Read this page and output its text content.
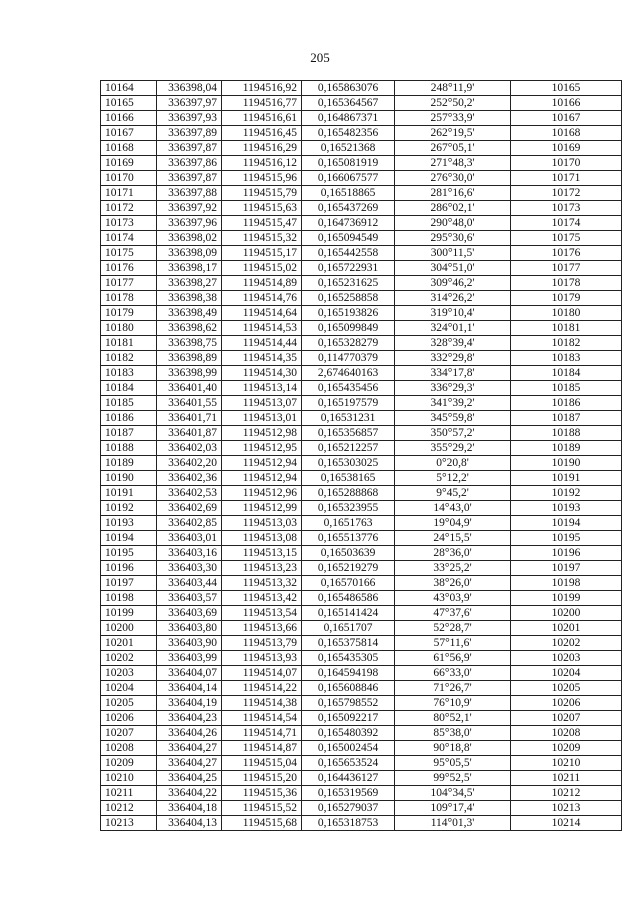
205
10164	336398,04	1194516,92	0,165863076	248°11,9'	10165
10165	336397,97	1194516,77	0,165364567	252°50,2'	10166
10166	336397,93	1194516,61	0,164867371	257°33,9'	10167
10167	336397,89	1194516,45	0,165482356	262°19,5'	10168
10168	336397,87	1194516,29	0,16521368	267°05,1'	10169
10169	336397,86	1194516,12	0,165081919	271°48,3'	10170
10170	336397,87	1194515,96	0,166067577	276°30,0'	10171
10171	336397,88	1194515,79	0,16518865	281°16,6'	10172
10172	336397,92	1194515,63	0,165437269	286°02,1'	10173
10173	336397,96	1194515,47	0,164736912	290°48,0'	10174
10174	336398,02	1194515,32	0,165094549	295°30,6'	10175
10175	336398,09	1194515,17	0,165442558	300°11,5'	10176
10176	336398,17	1194515,02	0,165722931	304°51,0'	10177
10177	336398,27	1194514,89	0,165231625	309°46,2'	10178
10178	336398,38	1194514,76	0,165258858	314°26,2'	10179
10179	336398,49	1194514,64	0,165193826	319°10,4'	10180
10180	336398,62	1194514,53	0,165099849	324°01,1'	10181
10181	336398,75	1194514,44	0,165328279	328°39,4'	10182
10182	336398,89	1194514,35	0,114770379	332°29,8'	10183
10183	336398,99	1194514,30	2,674640163	334°17,8'	10184
10184	336401,40	1194513,14	0,165435456	336°29,3'	10185
10185	336401,55	1194513,07	0,165197579	341°39,2'	10186
10186	336401,71	1194513,01	0,16531231	345°59,8'	10187
10187	336401,87	1194512,98	0,165356857	350°57,2'	10188
10188	336402,03	1194512,95	0,165212257	355°29,2'	10189
10189	336402,20	1194512,94	0,165303025	0°20,8'	10190
10190	336402,36	1194512,94	0,16538165	5°12,2'	10191
10191	336402,53	1194512,96	0,165288868	9°45,2'	10192
10192	336402,69	1194512,99	0,165323955	14°43,0'	10193
10193	336402,85	1194513,03	0,1651763	19°04,9'	10194
10194	336403,01	1194513,08	0,165513776	24°15,5'	10195
10195	336403,16	1194513,15	0,16503639	28°36,0'	10196
10196	336403,30	1194513,23	0,165219279	33°25,2'	10197
10197	336403,44	1194513,32	0,16570166	38°26,0'	10198
10198	336403,57	1194513,42	0,165486586	43°03,9'	10199
10199	336403,69	1194513,54	0,165141424	47°37,6'	10200
10200	336403,80	1194513,66	0,1651707	52°28,7'	10201
10201	336403,90	1194513,79	0,165375814	57°11,6'	10202
10202	336403,99	1194513,93	0,165435305	61°56,9'	10203
10203	336404,07	1194514,07	0,164594198	66°33,0'	10204
10204	336404,14	1194514,22	0,165608846	71°26,7'	10205
10205	336404,19	1194514,38	0,165798552	76°10,9'	10206
10206	336404,23	1194514,54	0,165092217	80°52,1'	10207
10207	336404,26	1194514,71	0,165480392	85°38,0'	10208
10208	336404,27	1194514,87	0,165002454	90°18,8'	10209
10209	336404,27	1194515,04	0,165653524	95°05,5'	10210
10210	336404,25	1194515,20	0,164436127	99°52,5'	10211
10211	336404,22	1194515,36	0,165319569	104°34,5'	10212
10212	336404,18	1194515,52	0,165279037	109°17,4'	10213
10213	336404,13	1194515,68	0,165318753	114°01,3'	10214
